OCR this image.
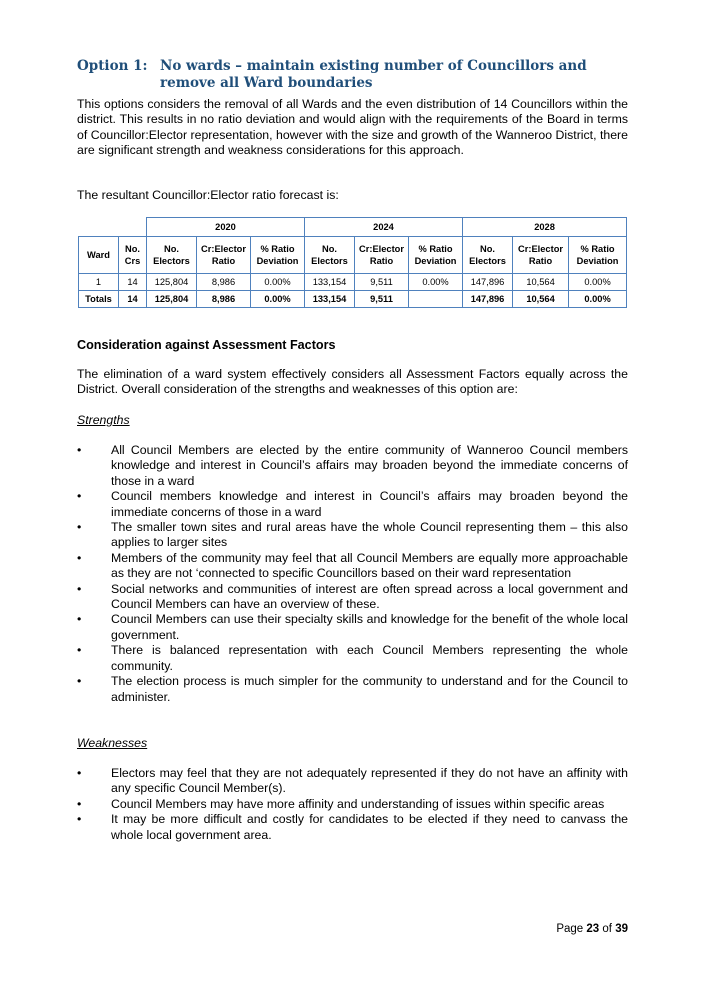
Option 1: No wards – maintain existing number of Councillors and remove all Ward boundaries

This options considers the removal of all Wards and the even distribution of 14 Councillors within the district. This results in no ratio deviation and would align with the requirements of the Board in terms of Councillor:Elector representation, however with the size and growth of the Wanneroo District, there are significant strength and weakness considerations for this approach.

The resultant Councillor:Elector ratio forecast is:

		2020			2024			2028		
Ward	No. Crs	No. Electors	Cr:Elector Ratio	% Ratio Deviation	No. Electors	Cr:Elector Ratio	% Ratio Deviation	No. Electors	Cr:Elector Ratio	% Ratio Deviation
1	14	125,804	8,986	0.00%	133,154	9,511	0.00%	147,896	10,564	0.00%
Totals	14	125,804	8,986	0.00%	133,154	9,511		147,896	10,564	0.00%

Consideration against Assessment Factors

The elimination of a ward system effectively considers all Assessment Factors equally across the District. Overall consideration of the strengths and weaknesses of this option are:

Strengths

• All Council Members are elected by the entire community of Wanneroo Council members knowledge and interest in Council’s affairs may broaden beyond the immediate concerns of those in a ward
• Council members knowledge and interest in Council’s affairs may broaden beyond the immediate concerns of those in a ward
• The smaller town sites and rural areas have the whole Council representing them – this also applies to larger sites
• Members of the community may feel that all Council Members are equally more approachable as they are not ‘connected to specific Councillors based on their ward representation
• Social networks and communities of interest are often spread across a local government and Council Members can have an overview of these.
• Council Members can use their specialty skills and knowledge for the benefit of the whole local government.
• There is balanced representation with each Council Members representing the whole community.
• The election process is much simpler for the community to understand and for the Council to administer.

Weaknesses

• Electors may feel that they are not adequately represented if they do not have an affinity with any specific Council Member(s).
• Council Members may have more affinity and understanding of issues within specific areas
• It may be more difficult and costly for candidates to be elected if they need to canvass the whole local government area.
Page 23 of 39
